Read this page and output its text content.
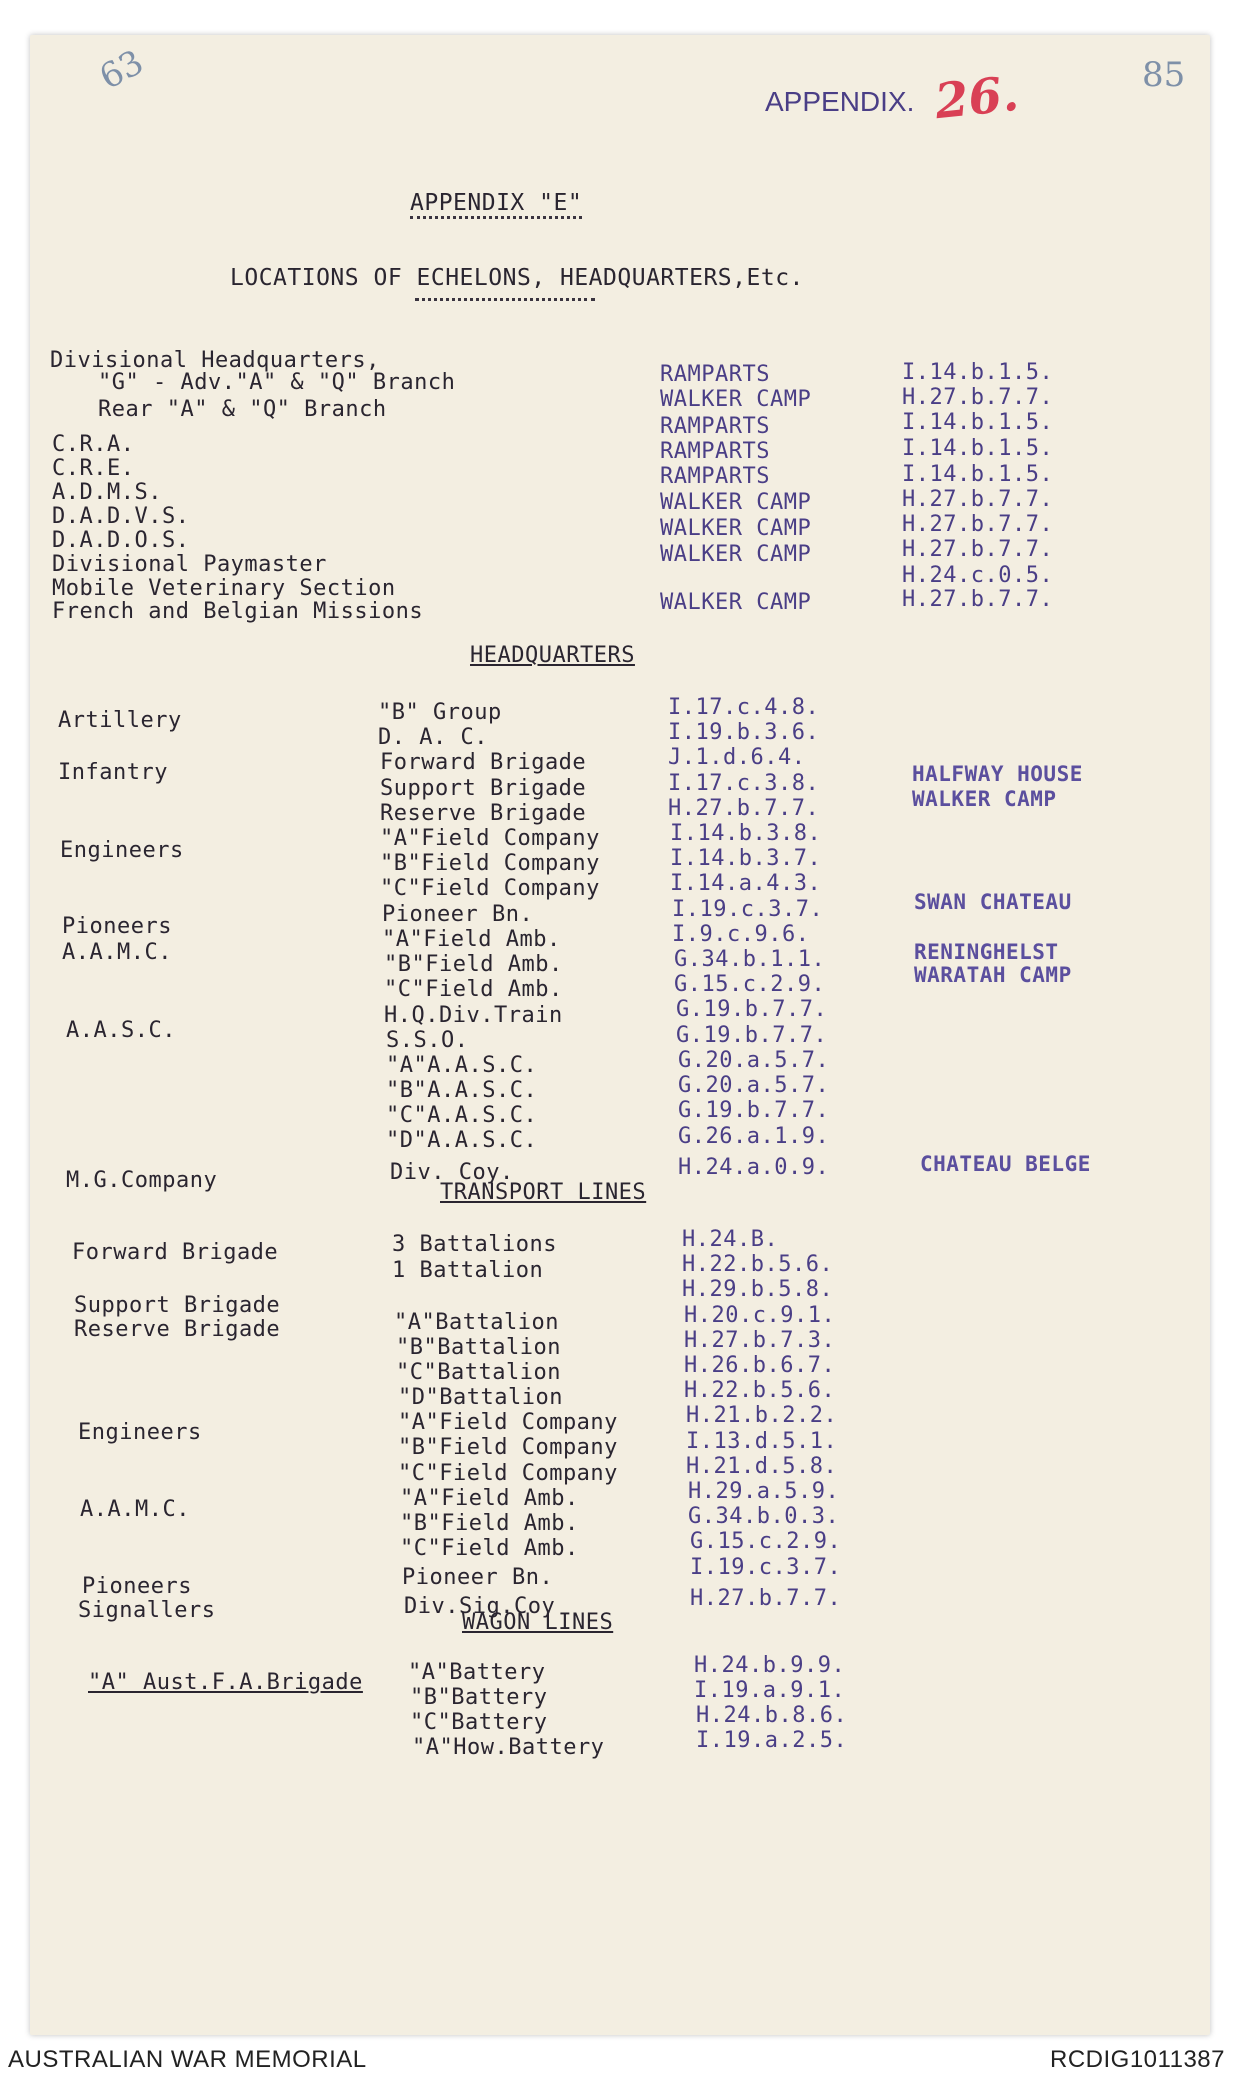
63	85
APPENDIX. 26.
APPENDIX "E"
LOCATIONS OF ECHELONS, HEADQUARTERS,Etc.
Divisional Headquarters,
"G" - Adv."A" & "Q" Branch
Rear "A" & "Q" Branch
C.R.A.
C.R.E.
A.D.M.S.
D.A.D.V.S.
D.A.D.O.S.
Divisional Paymaster
Mobile Veterinary Section
French and Belgian Missions
RAMPARTS
WALKER CAMP
RAMPARTS
RAMPARTS
RAMPARTS
WALKER CAMP
WALKER CAMP
WALKER CAMP
WALKER CAMP
I.14.b.1.5.
H.27.b.7.7.
I.14.b.1.5.
I.14.b.1.5.
I.14.b.1.5.
H.27.b.7.7.
H.27.b.7.7.
H.27.b.7.7.
H.24.c.0.5.
H.27.b.7.7.
HEADQUARTERS
Artillery
Infantry
Engineers
Pioneers
A.A.M.C.
A.A.S.C.
M.G.Company
"B" Group
D. A. C.
Forward Brigade
Support Brigade
Reserve Brigade
"A"Field Company
"B"Field Company
"C"Field Company
Pioneer Bn.
"A"Field Amb.
"B"Field Amb.
"C"Field Amb.
H.Q.Div.Train
S.S.O.
"A"A.A.S.C.
"B"A.A.S.C.
"C"A.A.S.C.
"D"A.A.S.C.
Div. Coy.
I.17.c.4.8.
I.19.b.3.6.
J.1.d.6.4.
I.17.c.3.8.
H.27.b.7.7.
I.14.b.3.8.
I.14.b.3.7.
I.14.a.4.3.
I.19.c.3.7.
I.9.c.9.6.
G.34.b.1.1.
G.15.c.2.9.
G.19.b.7.7.
G.19.b.7.7.
G.20.a.5.7.
G.20.a.5.7.
G.19.b.7.7.
G.26.a.1.9.
H.24.a.0.9.
HALFWAY HOUSE
WALKER CAMP
SWAN CHATEAU
RENINGHELST
WARATAH CAMP
CHATEAU BELGE
TRANSPORT LINES
Forward Brigade
Support Brigade
Reserve Brigade
Engineers
A.A.M.C.
Pioneers
Signallers
3 Battalions
1 Battalion
"A"Battalion
"B"Battalion
"C"Battalion
"D"Battalion
"A"Field Company
"B"Field Company
"C"Field Company
"A"Field Amb.
"B"Field Amb.
"C"Field Amb.
Pioneer Bn.
Div.Sig.Coy
H.24.B.
H.22.b.5.6.
H.29.b.5.8.
H.20.c.9.1.
H.27.b.7.3.
H.26.b.6.7.
H.22.b.5.6.
H.21.b.2.2.
I.13.d.5.1.
H.21.d.5.8.
H.29.a.5.9.
G.34.b.0.3.
G.15.c.2.9.
I.19.c.3.7.
H.27.b.7.7.
WAGON LINES
"A" Aust.F.A.Brigade "A"Battery
"B"Battery
"C"Battery
"A"How.Battery
H.24.b.9.9.
I.19.a.9.1.
H.24.b.8.6.
I.19.a.2.5.
AUSTRALIAN WAR MEMORIAL	RCDIG1011387
